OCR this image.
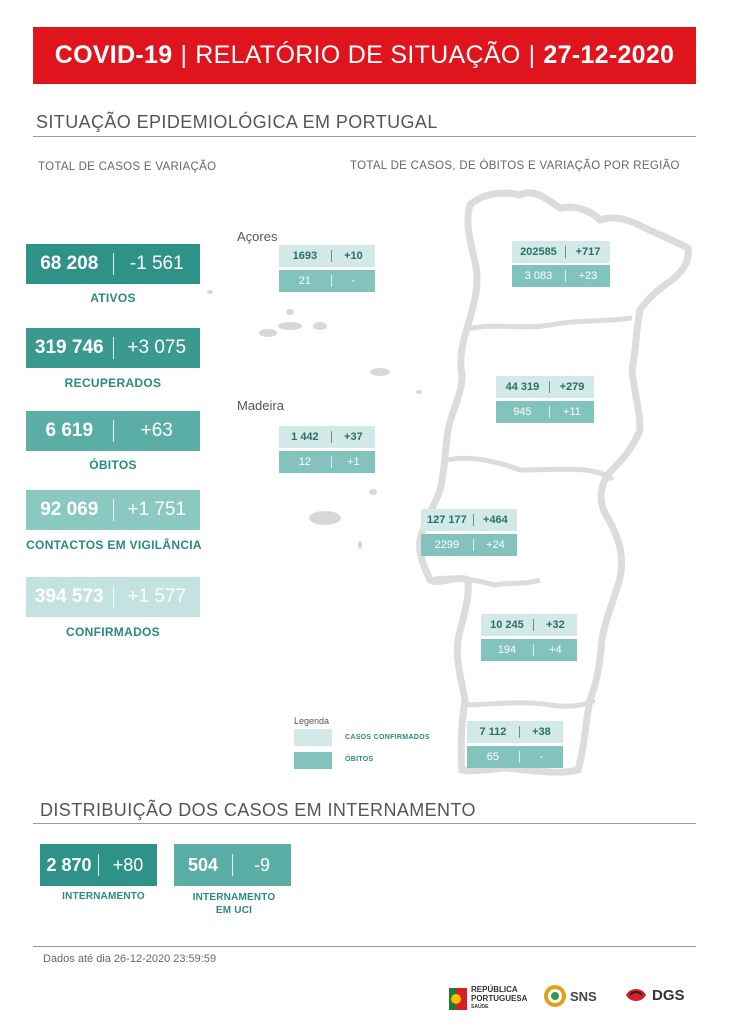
COVID-19 | RELATÓRIO DE SITUAÇÃO | 27-12-2020
SITUAÇÃO EPIDEMIOLÓGICA EM PORTUGAL
TOTAL DE CASOS E VARIAÇÃO	TOTAL DE CASOS, DE ÓBITOS E VARIAÇÃO POR REGIÃO
68 208	-1 561
ATIVOS
319 746	+3 075
RECUPERADOS
6 619	+63
ÓBITOS
92 069	+1 751
CONTACTOS EM VIGILÂNCIA
394 573	+1 577
CONFIRMADOS
Açores
Madeira
1693	+10
21	-
1 442	+37
12	+1
202585	+717
3 083	+23
44 319	+279
945	+11
127 177	+464
2299	+24
10 245	+32
194	+4
7 112	+38
65	-
Legenda
CASOS CONFIRMADOS
ÓBITOS
DISTRIBUIÇÃO DOS CASOS EM INTERNAMENTO
2 870	+80
INTERNAMENTO
504	-9
INTERNAMENTO
EM UCI
Dados até dia 26-12-2020 23:59:59
REPÚBLICA
PORTUGUESA
SAÚDE
SNS	DGS
